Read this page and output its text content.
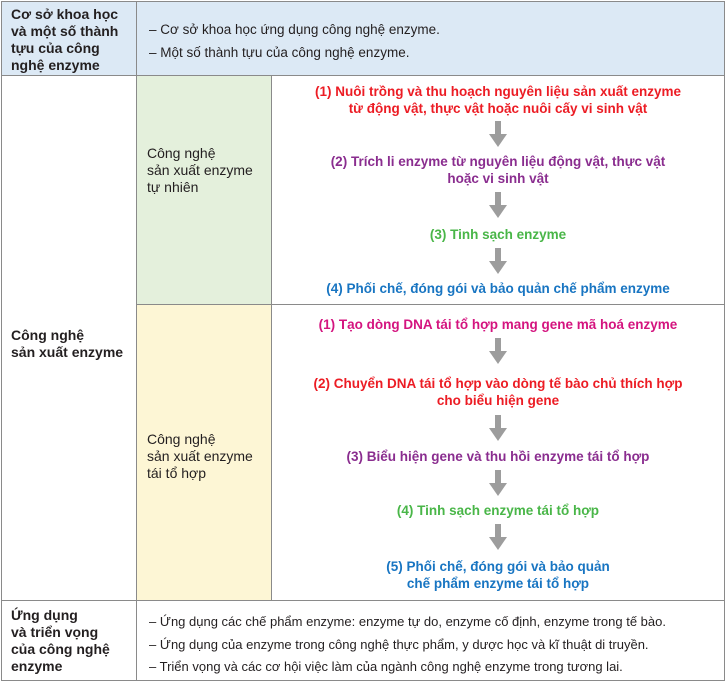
Cơ sở khoa học
và một số thành
tựu của công
nghệ enzyme
– Cơ sở khoa học ứng dụng công nghệ enzyme.
– Một số thành tựu của công nghệ enzyme.
Công nghệ
sản xuất enzyme
Công nghệ
sản xuất enzyme
tự nhiên
(1) Nuôi trồng và thu hoạch nguyên liệu sản xuất enzyme
từ động vật, thực vật hoặc nuôi cấy vi sinh vật
(2) Trích li enzyme từ nguyên liệu động vật, thực vật
hoặc vi sinh vật
(3) Tinh sạch enzyme
(4) Phối chế, đóng gói và bảo quản chế phẩm enzyme
Công nghệ
sản xuất enzyme
tái tổ hợp
(1) Tạo dòng DNA tái tổ hợp mang gene mã hoá enzyme
(2) Chuyển DNA tái tổ hợp vào dòng tế bào chủ thích hợp
cho biểu hiện gene
(3) Biểu hiện gene và thu hồi enzyme tái tổ hợp
(4) Tinh sạch enzyme tái tổ hợp
(5) Phối chế, đóng gói và bảo quản
chế phẩm enzyme tái tổ hợp
Ứng dụng
và triển vọng
của công nghệ
enzyme
– Ứng dụng các chế phẩm enzyme: enzyme tự do, enzyme cố định, enzyme trong tế bào.
– Ứng dụng của enzyme trong công nghệ thực phẩm, y dược học và kĩ thuật di truyền.
– Triển vọng và các cơ hội việc làm của ngành công nghệ enzyme trong tương lai.
